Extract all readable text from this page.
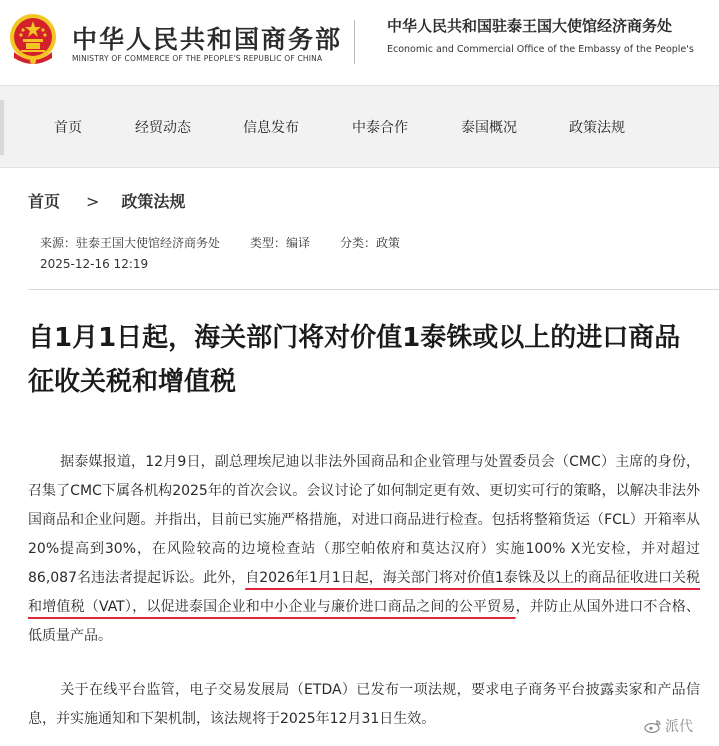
中华人民共和国商务部
MINISTRY OF COMMERCE OF THE PEOPLE'S REPUBLIC OF CHINA
中华人民共和国驻泰王国大使馆经济商务处
Economic and Commercial Office of the Embassy of the People's
首页	经贸动态	信息发布	中泰合作	泰国概况	政策法规
首页 > 政策法规
来源：驻泰王国大使馆经济商务处 类型：编译 分类：政策
2025-12-16 12:19
自1月1日起，海关部门将对价值1泰铢或以上的进口商品征收关税和增值税

据泰媒报道，12月9日，副总理埃尼迪以非法外国商品和企业管理与处置委员会（CMC）主席的身份，召集了CMC下属各机构2025年的首次会议。会议讨论了如何制定更有效、更切实可行的策略，以解决非法外国商品和企业问题。并指出，目前已实施严格措施，对进口商品进行检查。包括将整箱货运（FCL）开箱率从20%提高到30%，在风险较高的边境检查站（那空帕侬府和莫达汉府）实施100% X光安检，并对超过86,087名违法者提起诉讼。此外，自2026年1月1日起，海关部门将对价值1泰铢及以上的商品征收进口关税和增值税（VAT），以促进泰国企业和中小企业与廉价进口商品之间的公平贸易，并防止从国外进口不合格、低质量产品。

关于在线平台监管，电子交易发展局（ETDA）已发布一项法规，要求电子商务平台披露卖家和产品信息，并实施通知和下架机制，该法规将于2025年12月31日生效。	派代
